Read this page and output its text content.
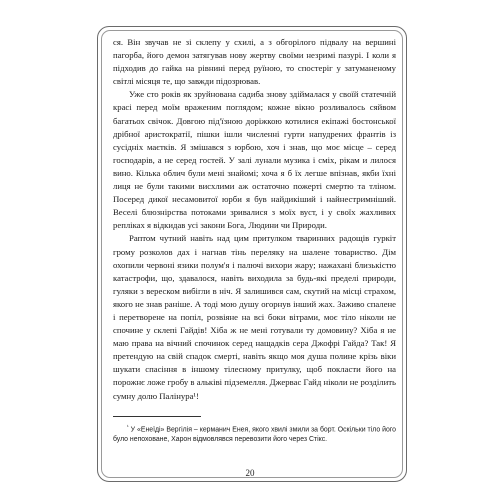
ся. Він звучав не зі склепу у схилі, а з обгорілого підвалу на вершині пагорба, його демон затягував нову жертву своїми незримі пазурі. І коли я підходив до гайка на рівнині перед руїною, то спостеріг у затуманеному світлі місяця те, що завжди підозрював.

Уже сто років як зруйнована садиба знову здіймалася у своїй статечній красі перед моїм враженим поглядом; кожне вікно розливалось сяйвом багатьох свічок. Довгою під'їзною доріжкою котилися екіпажі бостонської дрібної аристократії, пішки ішли численні гурти напудрених франтів із сусідніх маєтків. Я змішався з юрбою, хоч і знав, що моє місце – серед господарів, а не серед гостей. У залі лунали музика і сміх, рікам и лилося вино. Кілька облич були мені знайомі; хоча я б їх легше впізнав, якби їхні лиця не були такими висхлими аж остаточно пожерті смертю та тліном. Посеред дикої несамовитої юрби я був найдикіший і найнестримніший. Веселі блюзнірства потоками зривалися з моїх вуст, і у своїх жахливих репліках я відкидав усі закони Бога, Людини чи Природи.

Раптом чутний навіть над цим притулком тваринних радощів гуркіт грому розколов дах і нагнав тінь переляку на шалене товариство. Дім охопили червоні язики полум'я і палючі вихори жару; нажахані близькістю катастрофи, що, здавалося, навіть виходила за будь-які пределі природи, гуляки з вереском вибігли в ніч. Я залишився сам, скутий на місці страхом, якого не знав раніше. А тоді мою душу огорнув інший жах. Заживо спалене і перетворене на попіл, розвіяне на всі боки вітрами, моє тіло ніколи не спочине у склепі Гайдів! Хіба ж не мені готували ту домовину? Хіба я не маю права на вічний спочинок серед нащадків сера Джофрі Гайда? Так! Я претендую на свій спадок смерті, навіть якщо моя душа полине крізь віки шукати спасіння в іншому тілесному притулку, щоб покласти його на порожнє ложе гробу в альківі підземелля. Джервас Гайд ніколи не розділить сумну долю Палінура¹!

$^{^1}$ У «Енеїді» Вергілія – керманич Енея, якого хвилі змили за борт. Оскільки тіло його було непоховане, Харон відмовлявся перевозити його через Стікс.

20
